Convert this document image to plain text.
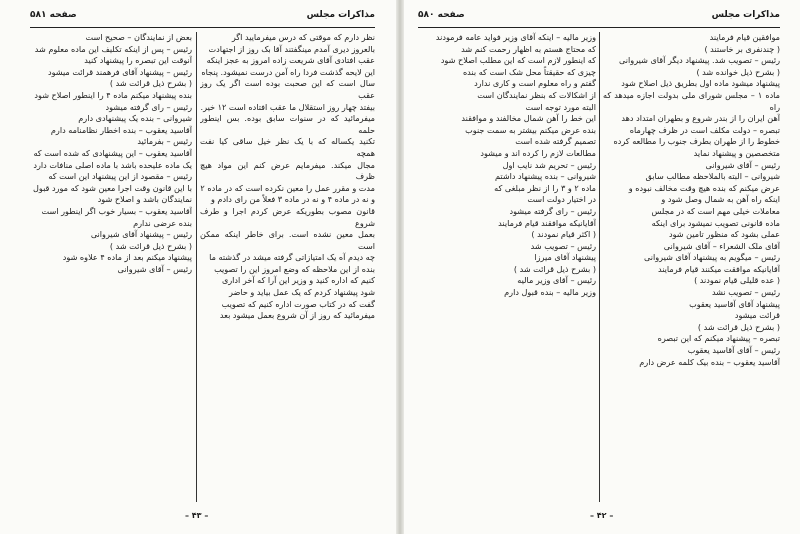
مذاکرات مجلس
صفحه ۵۸۱

نظر دارم که موقتی که درس میفرمایید اگر

بالعروز دیری آمدم مینگفتند آقا بک روز از اجتهادت

عقب افتادی آقای شریعت زاده امروز به عجز اینکه

این لایحه گذشت فردا راه آمن درست نمیشود. پنجاه

سال است که این صحبت بوده است اگر یک روز عقب

بیفتد چهار روز استقلال ما عقب افتاده است ۱۲ خیر.

میفرمائید که در سنوات سابق بوده. بس اینطور حلمه

تکنید یکساله که با یک نظر خیل ساقی کیا نفت همچه

مجال میکند. میفرمایم عرض کنم این مواد هیچ ظرف

مدت و مقرر عمل را معین نکرده است که در ماده ۲

و نه در ماده ۴ و نه در ماده ۳ فعلاً من رای دادم و

قانون مصوب بطوریکه عرض کردم اجرا و طرف شروع

بعمل معین نشده است. برای خاطر اینکه ممکن است

چه دیدم آه یک امتیازاتی گرفته میشد در گذشته ما

بنده از این ملاحظه که وضع امروز این را تصویب

کنیم که اداره کنید و وزیر این آرا که آخر اداری

شود پیشنهاد کردم که یک عمل بیاید و حاضر

گفت که در کتاب صورت اداره کنیم که تصویب

میفرمائید که روز از آن شروع بعمل میشود بعد

بعض از نمایندگان – صحیح است

رئیس – پس از اینکه تکلیف این ماده معلوم شد

آنوقت این تبصره را پیشنهاد کنید

رئیس – پیشنهاد آقای فرهمند قرائت میشود

( بشرح ذیل قرائت شد )

بنده پیشنهاد میکنم ماده ۴ را اینطور اصلاح شود

رئیس – رای گرفته میشود

شیروانی – بنده یک پیشنهادی دارم

آقاسید یعقوب – بنده اخطار نظامنامه دارم

رئیس – بفرمائید

آقاسید یعقوب – این پیشنهادی که شده است که

یک ماده علیحده باشد با ماده اصلی منافات دارد

رئیس – مقصود از این پیشنهاد این است که

با این قانون وقت اجرا معین شود که مورد قبول

نمایندگان باشد و اصلاح شود

آقاسید یعقوب – بسیار خوب اگر اینطور است

بنده عرضی ندارم

رئیس – پیشنهاد آقای شیروانی

( بشرح ذیل قرائت شد )

پیشنهاد میکنم بعد از ماده ۴ علاوه شود

رئیس – آقای شیروانی

– ۴۳ –
مذاکرات مجلس
صفحه ۵۸۰

موافقین قیام فرمایند

( چندنفری بر خاستند )

رئیس – تصویب شد. پیشنهاد دیگر آقای شیروانی

( بشرح ذیل خوانده شد )

پیشنهاد میشود ماده اول بطریق ذیل اصلاح شود

ماده ۱ – مجلس شورای ملی بدولت اجازه میدهد که راه

آهن ایران را از بندر شروع و بطهران امتداد دهد

تبصره – دولت مکلف است در ظرف چهارماه

خطوط را از طهران بطرف جنوب را مطالعه کرده

متخصصین و پیشنهاد نماید

رئیس – آقای شیروانی

شیروانی – البته بالملاحظه مطالب سابق

عرض میکنم که بنده هیچ وقت مخالف نبوده و

اینکه راه آهن به شمال وصل شود و

معاملات خیلی مهم است که در مجلس

ماده قانونی تصویب نمیشود برای اینکه

عملی بشود که منظور تامین شود

آقای ملک الشعراء – آقای شیروانی

رئیس – میگویم به پیشنهاد آقای شیروانی

آقایانیکه موافقت میکنند قیام فرمایند

( عده قلیلی قیام نمودند )

رئیس – تصویب نشد

پیشنهاد آقای آقاسید یعقوب

قرائت میشود

( بشرح ذیل قرائت شد )

تبصره – پیشنهاد میکنم که این تبصره

رئیس – آقای آقاسید یعقوب

آقاسید یعقوب – بنده بیک کلمه عرض دارم

وزیر مالیه – اینکه آقای وزیر فواید عامه فرمودند

که محتاج هستم به اظهار رحمت کنم شد

که اینطور لازم است که این مطلب اصلاح شود

چیزی که حقیقتاً محل شک است که بنده

گفتم و راه معلوم است و کاری ندارد

از اشکالات که بنظر نمایندگان است

البته مورد توجه است

این خط را آهن شمال مخالفند و موافقند

بنده عرض میکنم بیشتر به سمت جنوب

تصمیم گرفته شده است

مطالعات لازم را کرده اند و میشود

رئیس – تحریم شد نایب اول

شیروانی – بنده پیشنهاد داشتم

ماده ۲ و ۳ را از نظر مبلغی که

در اختیار دولت است

رئیس – رای گرفته میشود

آقایانیکه موافقند قیام فرمایند

( اکثر قیام نمودند )

رئیس – تصویب شد

پیشنهاد آقای میرزا

( بشرح ذیل قرائت شد )

رئیس – آقای وزیر مالیه

وزیر مالیه – بنده قبول دارم

– ۴۲ –
